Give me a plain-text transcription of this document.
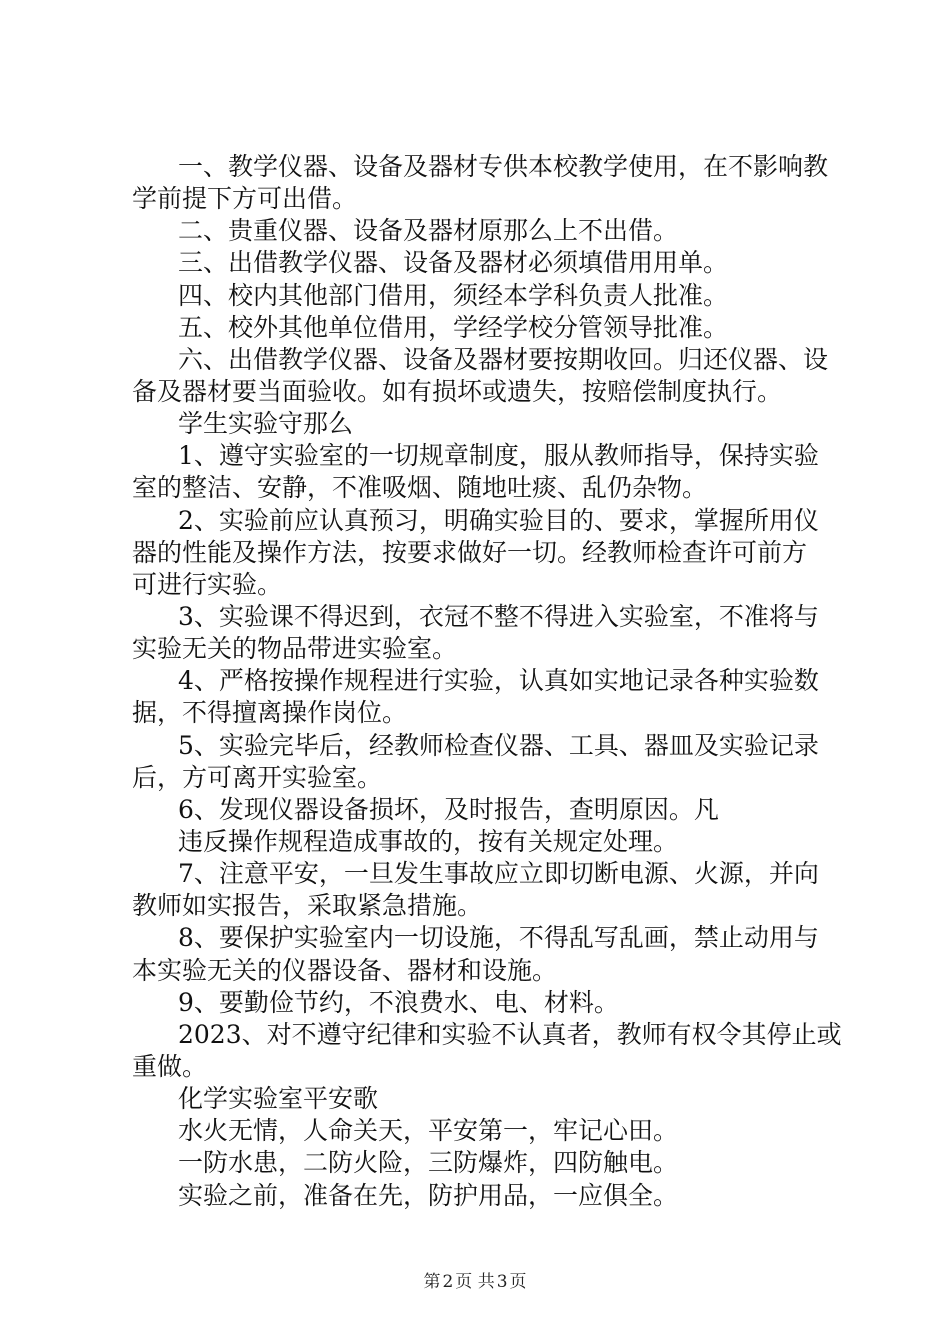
一、教学仪器、设备及器材专供本校教学使用，在不影响教
学前提下方可出借。
二、贵重仪器、设备及器材原那么上不出借。
三、出借教学仪器、设备及器材必须填借用用单。
四、校内其他部门借用，须经本学科负责人批准。
五、校外其他单位借用，学经学校分管领导批准。
六、出借教学仪器、设备及器材要按期收回。归还仪器、设
备及器材要当面验收。如有损坏或遗失，按赔偿制度执行。
学生实验守那么
1、遵守实验室的一切规章制度，服从教师指导，保持实验
室的整洁、安静，不准吸烟、随地吐痰、乱仍杂物。
2、实验前应认真预习，明确实验目的、要求，掌握所用仪
器的性能及操作方法，按要求做好一切。经教师检查许可前方
可进行实验。
3、实验课不得迟到，衣冠不整不得进入实验室，不准将与
实验无关的物品带进实验室。
4、严格按操作规程进行实验，认真如实地记录各种实验数
据，不得擅离操作岗位。
5、实验完毕后，经教师检查仪器、工具、器皿及实验记录
后，方可离开实验室。
6、发现仪器设备损坏，及时报告，查明原因。凡
违反操作规程造成事故的，按有关规定处理。
7、注意平安，一旦发生事故应立即切断电源、火源，并向
教师如实报告，采取紧急措施。
8、要保护实验室内一切设施，不得乱写乱画，禁止动用与
本实验无关的仪器设备、器材和设施。
9、要勤俭节约，不浪费水、电、材料。
2023、对不遵守纪律和实验不认真者，教师有权令其停止或
重做。
化学实验室平安歌
水火无情，人命关天，平安第一，牢记心田。
一防水患，二防火险，三防爆炸，四防触电。
实验之前，准备在先，防护用品，一应俱全。
第 2 页 共 3 页
